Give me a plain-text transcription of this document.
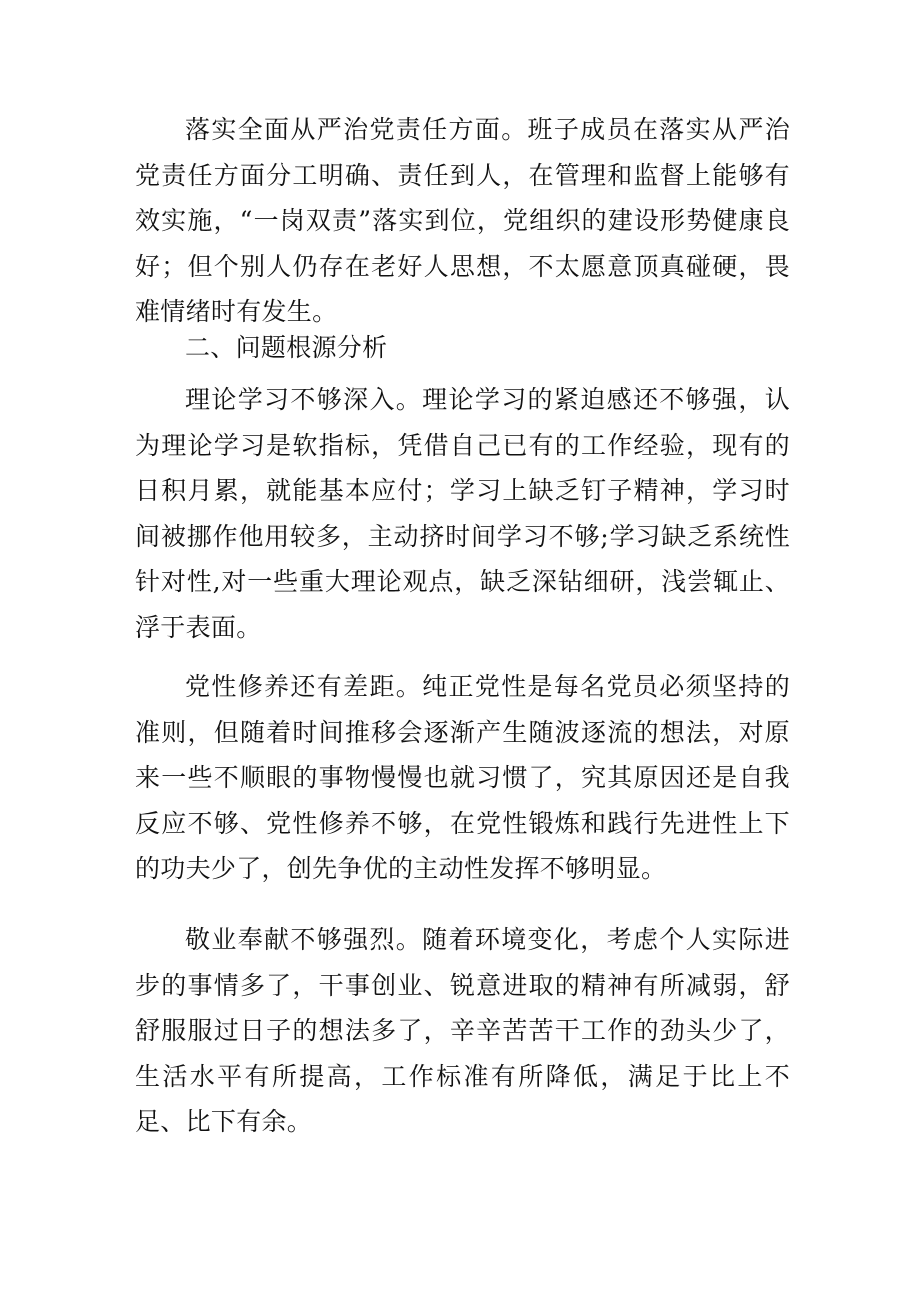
落实全面从严治党责任方面。班子成员在落实从严治党责任方面分工明确、责任到人，在管理和监督上能够有效实施，“一岗双责”落实到位，党组织的建设形势健康良好；但个别人仍存在老好人思想，不太愿意顶真碰硬，畏难情绪时有发生。

二、问题根源分析

理论学习不够深入。理论学习的紧迫感还不够强，认为理论学习是软指标，凭借自己已有的工作经验，现有的日积月累，就能基本应付；学习上缺乏钉子精神，学习时间被挪作他用较多，主动挤时间学习不够;学习缺乏系统性针对性,对一些重大理论观点，缺乏深钻细研，浅尝辄止、浮于表面。

党性修养还有差距。纯正党性是每名党员必须坚持的准则，但随着时间推移会逐渐产生随波逐流的想法，对原来一些不顺眼的事物慢慢也就习惯了，究其原因还是自我反应不够、党性修养不够，在党性锻炼和践行先进性上下的功夫少了，创先争优的主动性发挥不够明显。

敬业奉献不够强烈。随着环境变化，考虑个人实际进步的事情多了，干事创业、锐意进取的精神有所减弱，舒舒服服过日子的想法多了，辛辛苦苦干工作的劲头少了，生活水平有所提高，工作标准有所降低，满足于比上不足、比下有余。
